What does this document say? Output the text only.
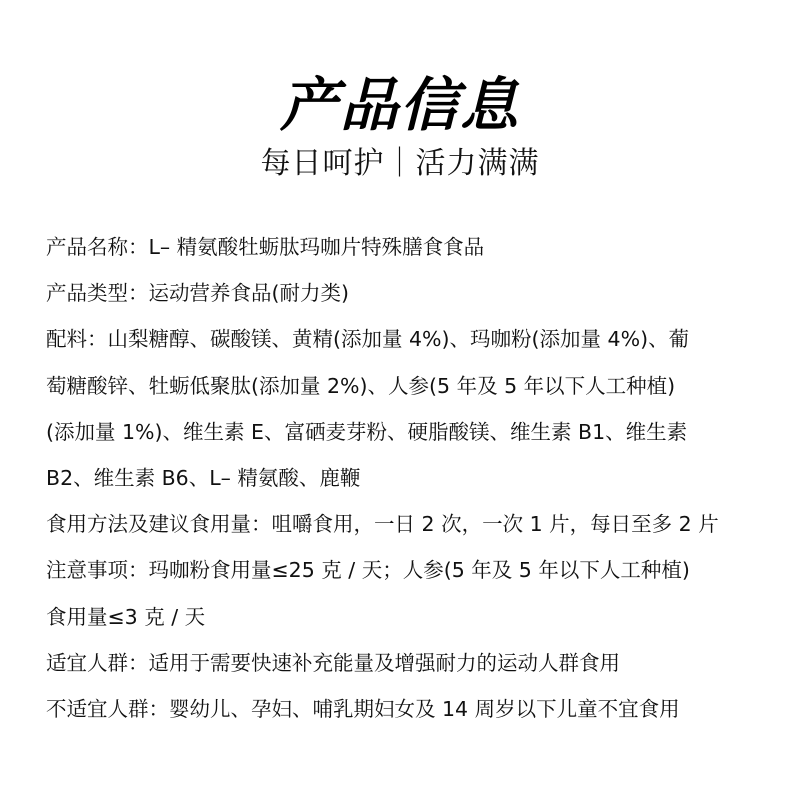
产品信息
每日呵护｜活力满满
产品名称：L– 精氨酸牡蛎肽玛咖片特殊膳食食品
产品类型：运动营养食品(耐力类)
配料：山梨糖醇、碳酸镁、黄精(添加量 4%)、玛咖粉(添加量 4%)、葡
萄糖酸锌、牡蛎低聚肽(添加量 2%)、人参(5 年及 5 年以下人工种植)
(添加量 1%)、维生素 E、富硒麦芽粉、硬脂酸镁、维生素 B1、维生素
B2、维生素 B6、L– 精氨酸、鹿鞭
食用方法及建议食用量：咀嚼食用，一日 2 次，一次 1 片，每日至多 2 片
注意事项：玛咖粉食用量≤25 克 / 天；人参(5 年及 5 年以下人工种植)
食用量≤3 克 / 天
适宜人群：适用于需要快速补充能量及增强耐力的运动人群食用
不适宜人群：婴幼儿、孕妇、哺乳期妇女及 14 周岁以下儿童不宜食用
